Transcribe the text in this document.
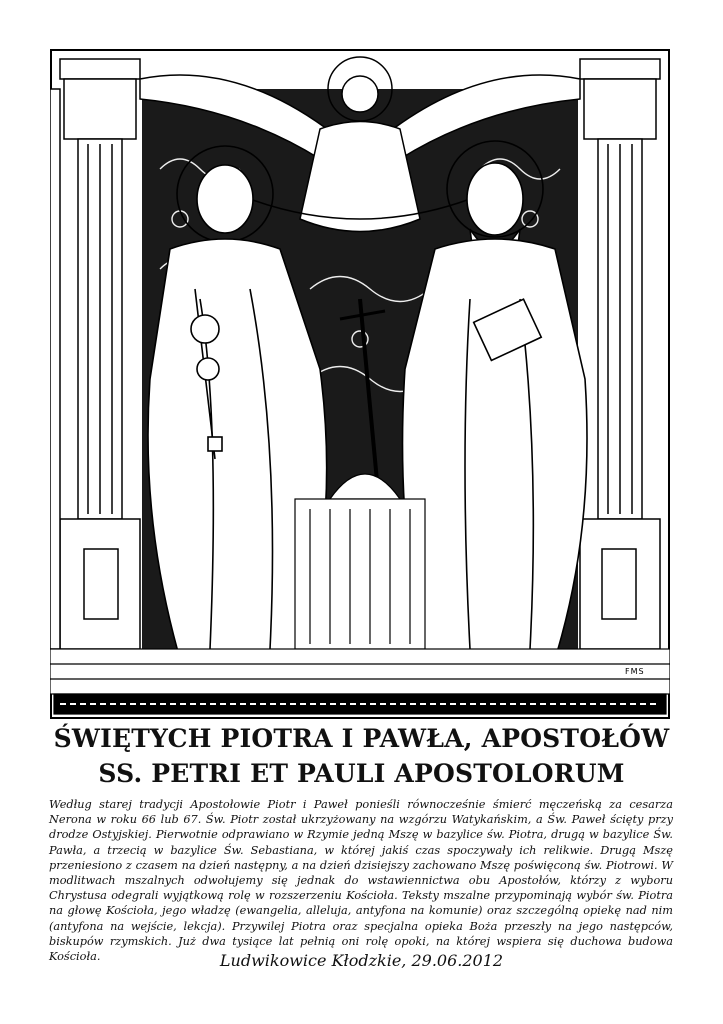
FMS
ŚWIĘTYCH PIOTRA I PAWŁA, APOSTOŁÓW
SS. PETRI ET PAULI APOSTOLORUM
Według starej tradycji Apostołowie Piotr i Paweł ponieśli równocześnie śmierć męczeńską za cesarza Nerona w roku 66 lub 67. Św. Piotr został ukrzyżowany na wzgórzu Watykańskim, a Św. Paweł ścięty przy drodze Ostyjskiej. Pierwotnie odprawiano w Rzymie jedną Mszę w bazylice św. Piotra, drugą w bazylice Św. Pawła, a trzecią w bazylice Św. Sebastiana, w której jakiś czas spoczywały ich relikwie. Drugą Mszę przeniesiono z czasem na dzień następny, a na dzień dzisiejszy zachowano Mszę poświęconą św. Piotrowi. W modlitwach mszalnych odwołujemy się jednak do wstawiennictwa obu Apostołów, którzy z wyboru Chrystusa odegrali wyjątkową rolę w rozszerzeniu Kościoła. Teksty mszalne przypominają wybór św. Piotra na głowę Kościoła, jego władzę (ewangelia, alleluja, antyfona na komunie) oraz szczególną opiekę nad nim (antyfona na wejście, lekcja). Przywilej Piotra oraz specjalna opieka Boża przeszły na jego następców, biskupów rzymskich. Już dwa tysiące lat pełnią oni rolę opoki, na której wspiera się duchowa budowa Kościoła.	Ludwikowice Kłodzkie, 29.06.2012
